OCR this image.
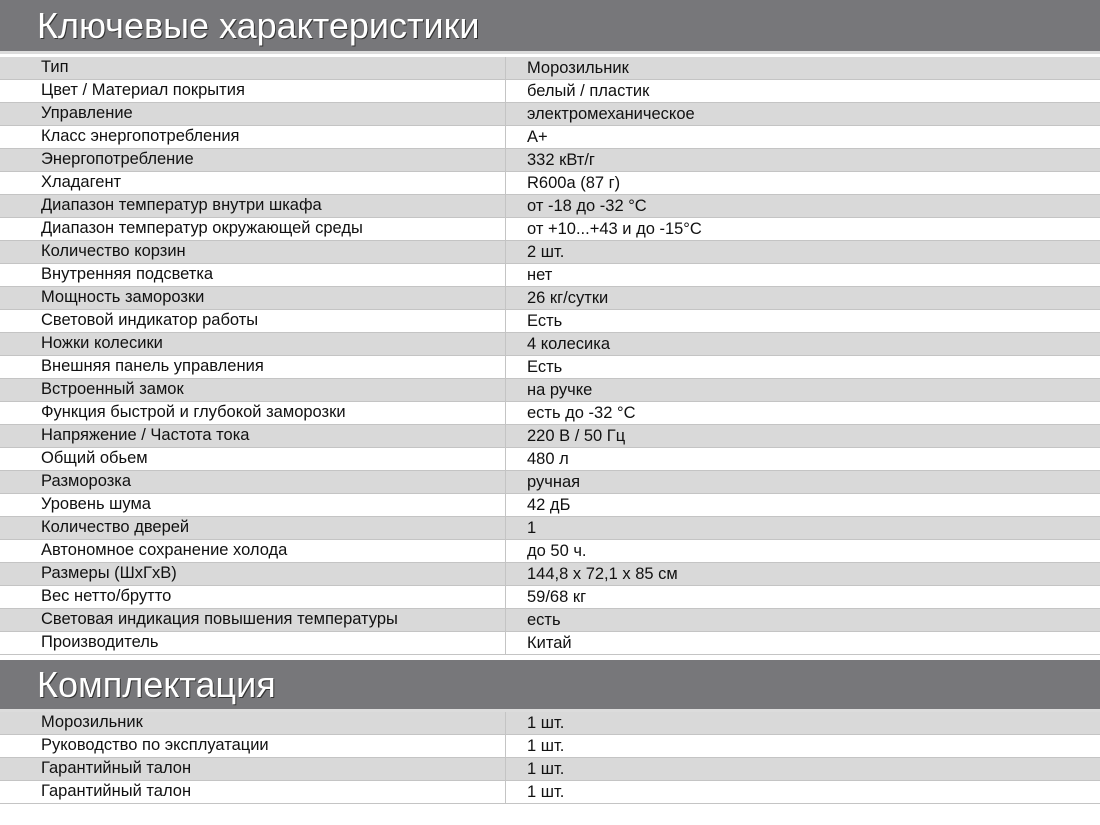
Ключевые характеристики
Тип	Морозильник
Цвет / Материал покрытия	белый / пластик
Управление	электромеханическое
Класс энергопотребления	A+
Энергопотребление	332 кВт/г
Хладагент	R600a (87 г)
Диапазон температур внутри шкафа	от -18 до -32 °C
Диапазон температур окружающей среды	от +10...+43 и до -15°C
Количество корзин	2 шт.
Внутренняя подсветка	нет
Мощность заморозки	26 кг/сутки
Световой индикатор работы	Есть
Ножки колесики	4 колесика
Внешняя панель управления	Есть
Встроенный замок	на ручке
Функция быстрой и глубокой заморозки	есть до -32 °C
Напряжение / Частота тока	220 В / 50 Гц
Общий обьем	480 л
Разморозка	ручная
Уровень шума	42 дБ
Количество дверей	1
Автономное сохранение холода	до 50 ч.
Размеры (ШхГхВ)	144,8 х 72,1 х 85 см
Вес нетто/брутто	59/68 кг
Световая индикация повышения температуры	есть
Производитель	Китай
Комплектация
Морозильник	1 шт.
Руководство по эксплуатации	1 шт.
Гарантийный талон	1 шт.
Гарантийный талон	1 шт.
